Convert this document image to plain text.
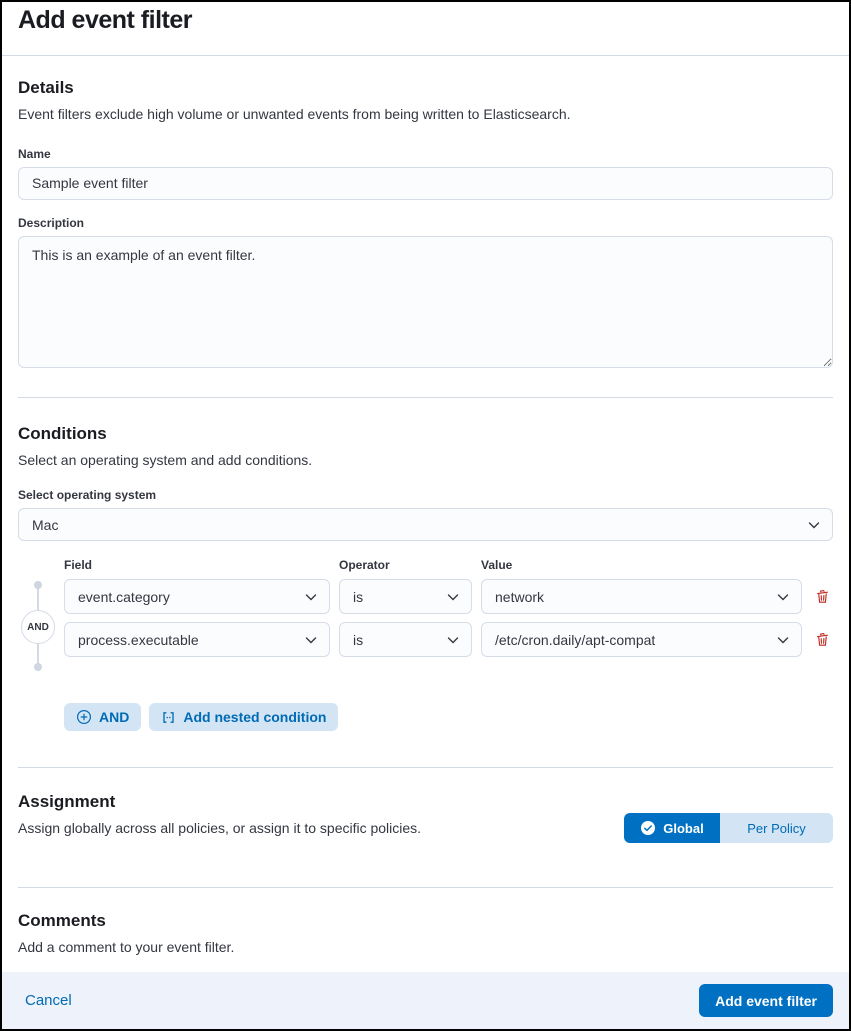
Add event filter
Details

Event filters exclude high volume or unwanted events from being written to Elasticsearch.

Name
Sample event filter
Description
This is an example of an event filter.
Conditions

Select an operating system and add conditions.

Select operating system
Mac
AND
Field	Operator	Value
event.category	is	network
process.executable	is	/etc/cron.daily/apt-compat
AND	Add nested condition
Assignment

Assign globally across all policies, or assign it to specific policies.	Global	Per Policy
Comments

Add a comment to your event filter.

Cancel	Add event filter
